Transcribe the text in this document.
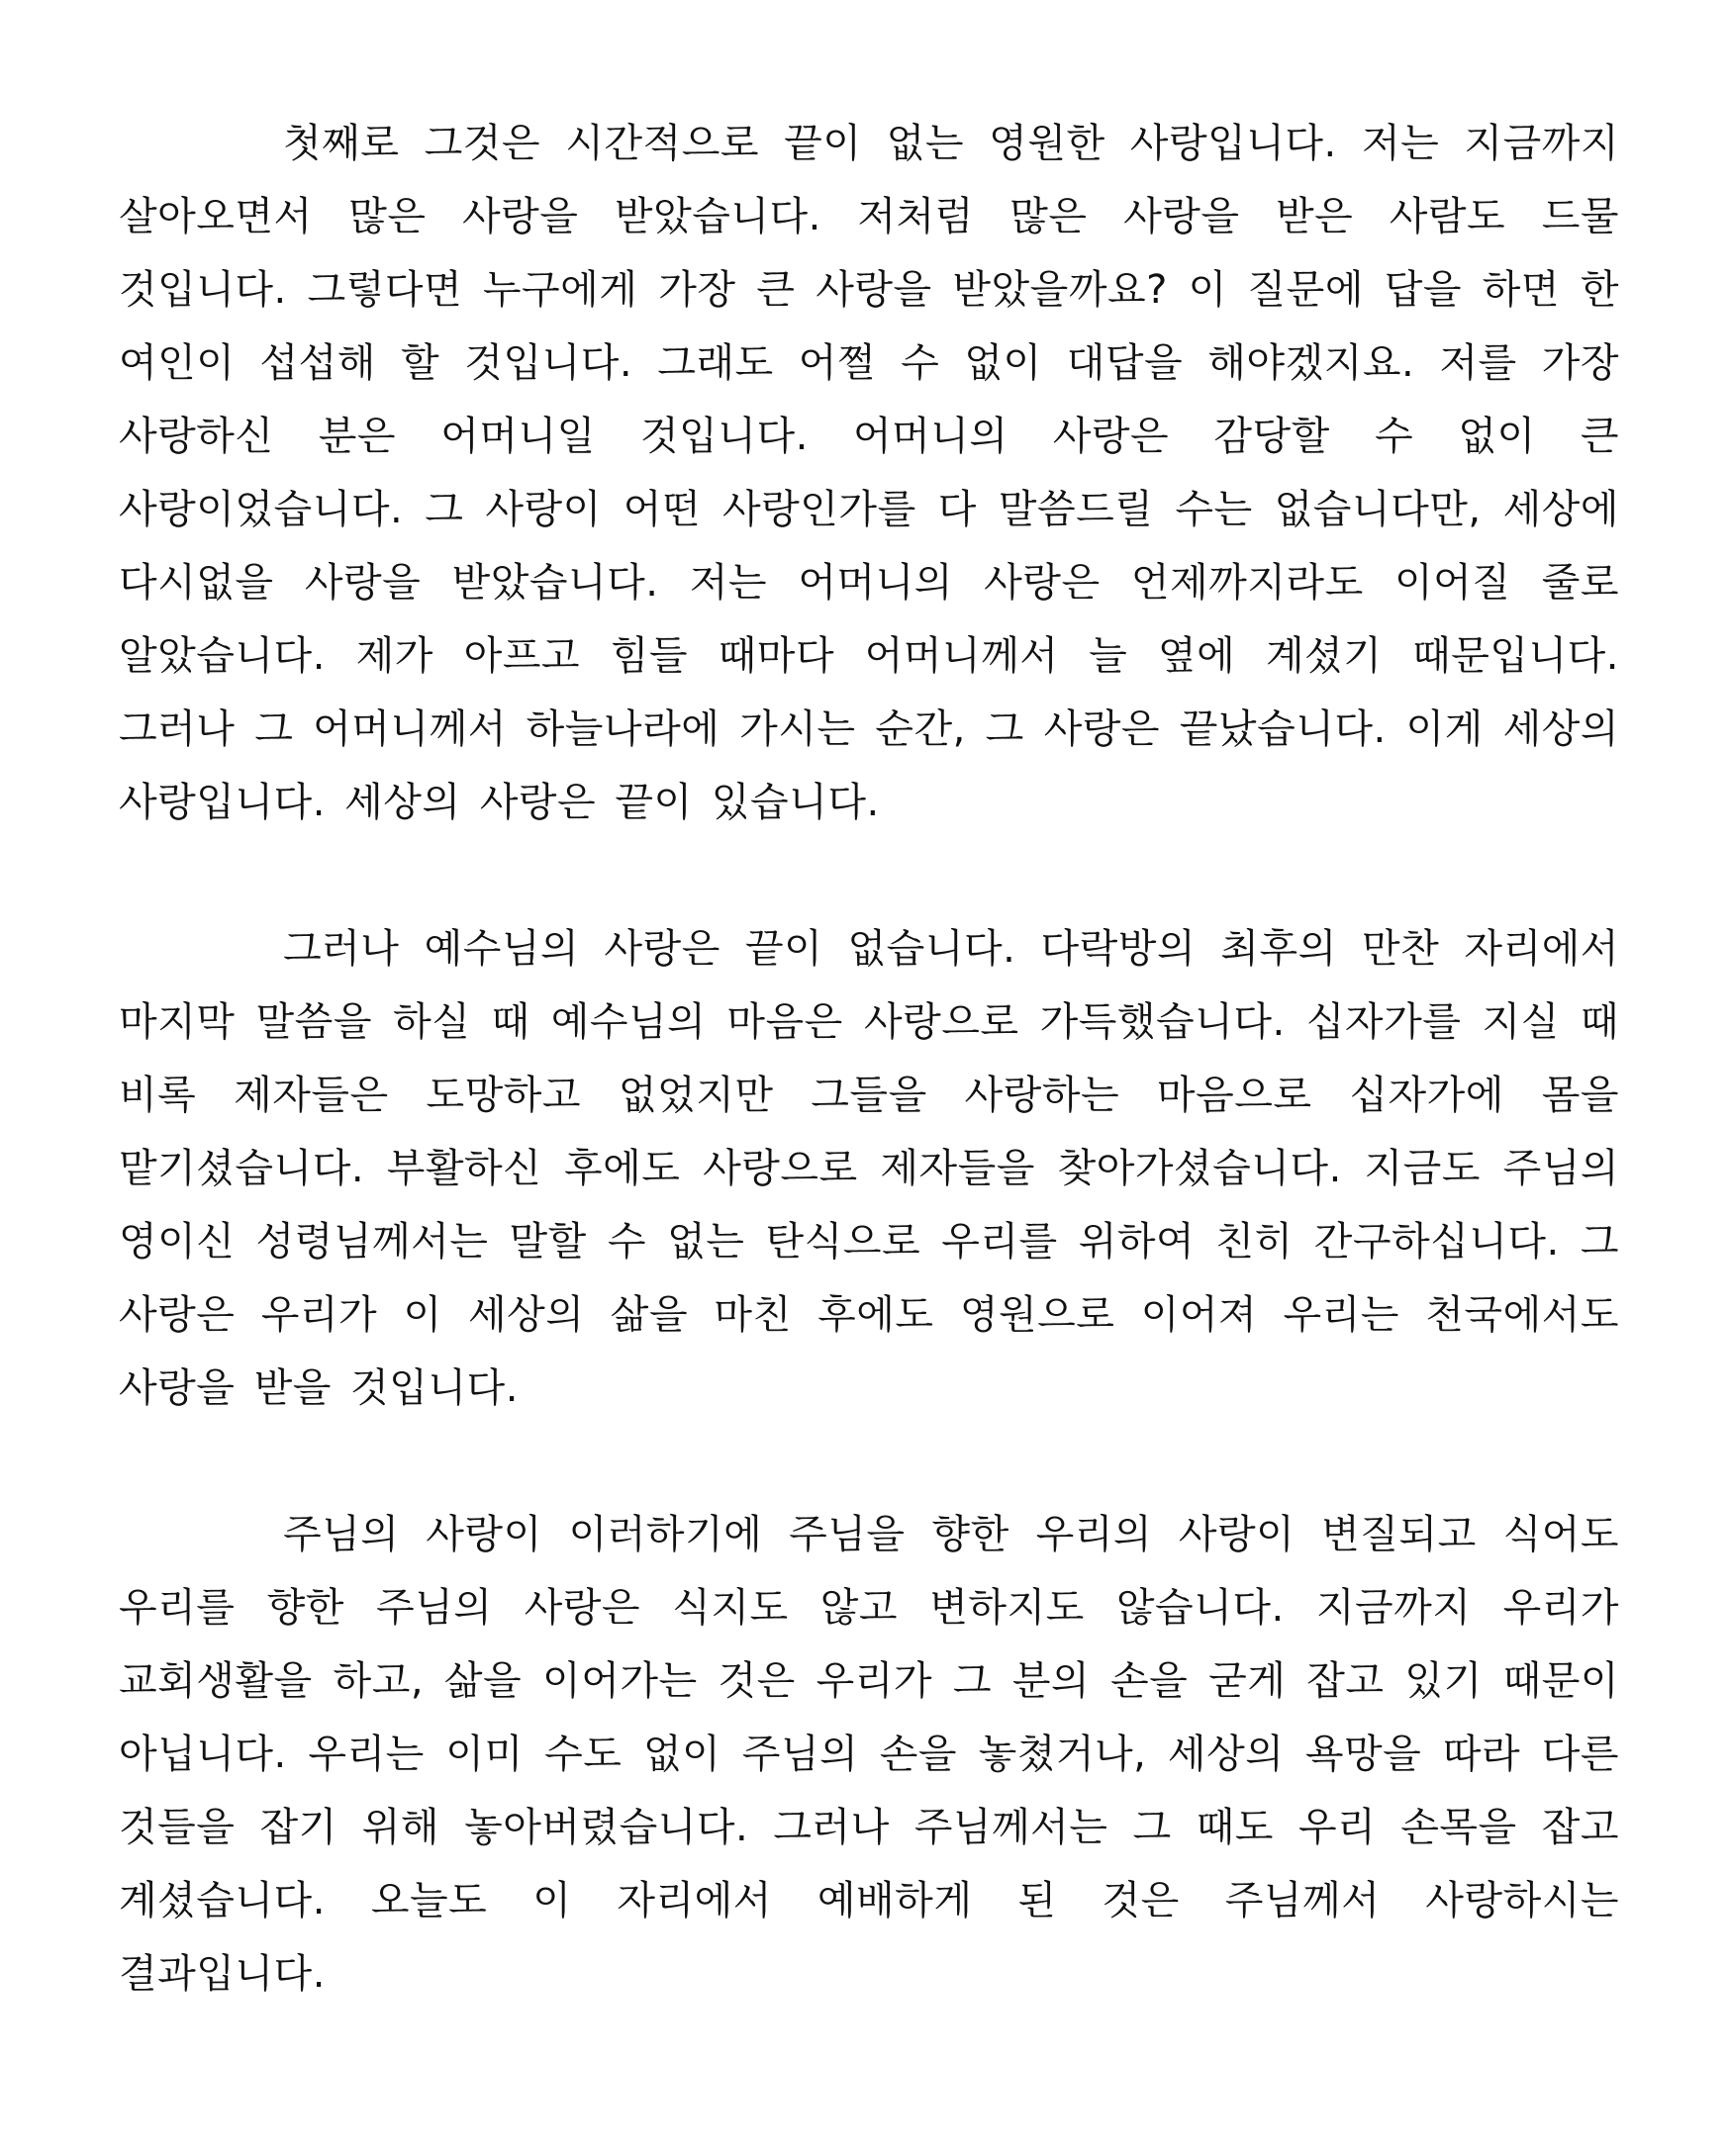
첫째로 그것은 시간적으로 끝이 없는 영원한 사랑입니다. 저는 지금까지 살아오면서 많은 사랑을 받았습니다. 저처럼 많은 사랑을 받은 사람도 드물 것입니다. 그렇다면 누구에게 가장 큰 사랑을 받았을까요? 이 질문에 답을 하면 한 여인이 섭섭해 할 것입니다. 그래도 어쩔 수 없이 대답을 해야겠지요. 저를 가장 사랑하신 분은 어머니일 것입니다. 어머니의 사랑은 감당할 수 없이 큰 사랑이었습니다. 그 사랑이 어떤 사랑인가를 다 말씀드릴 수는 없습니다만, 세상에 다시없을 사랑을 받았습니다. 저는 어머니의 사랑은 언제까지라도 이어질 줄로 알았습니다. 제가 아프고 힘들 때마다 어머니께서 늘 옆에 계셨기 때문입니다. 그러나 그 어머니께서 하늘나라에 가시는 순간, 그 사랑은 끝났습니다. 이게 세상의 사랑입니다. 세상의 사랑은 끝이 있습니다.

그러나 예수님의 사랑은 끝이 없습니다. 다락방의 최후의 만찬 자리에서 마지막 말씀을 하실 때 예수님의 마음은 사랑으로 가득했습니다. 십자가를 지실 때 비록 제자들은 도망하고 없었지만 그들을 사랑하는 마음으로 십자가에 몸을 맡기셨습니다. 부활하신 후에도 사랑으로 제자들을 찾아가셨습니다. 지금도 주님의 영이신 성령님께서는 말할 수 없는 탄식으로 우리를 위하여 친히 간구하십니다. 그 사랑은 우리가 이 세상의 삶을 마친 후에도 영원으로 이어져 우리는 천국에서도 사랑을 받을 것입니다.

주님의 사랑이 이러하기에 주님을 향한 우리의 사랑이 변질되고 식어도 우리를 향한 주님의 사랑은 식지도 않고 변하지도 않습니다. 지금까지 우리가 교회생활을 하고, 삶을 이어가는 것은 우리가 그 분의 손을 굳게 잡고 있기 때문이 아닙니다. 우리는 이미 수도 없이 주님의 손을 놓쳤거나, 세상의 욕망을 따라 다른 것들을 잡기 위해 놓아버렸습니다. 그러나 주님께서는 그 때도 우리 손목을 잡고 계셨습니다. 오늘도 이 자리에서 예배하게 된 것은 주님께서 사랑하시는 결과입니다.
